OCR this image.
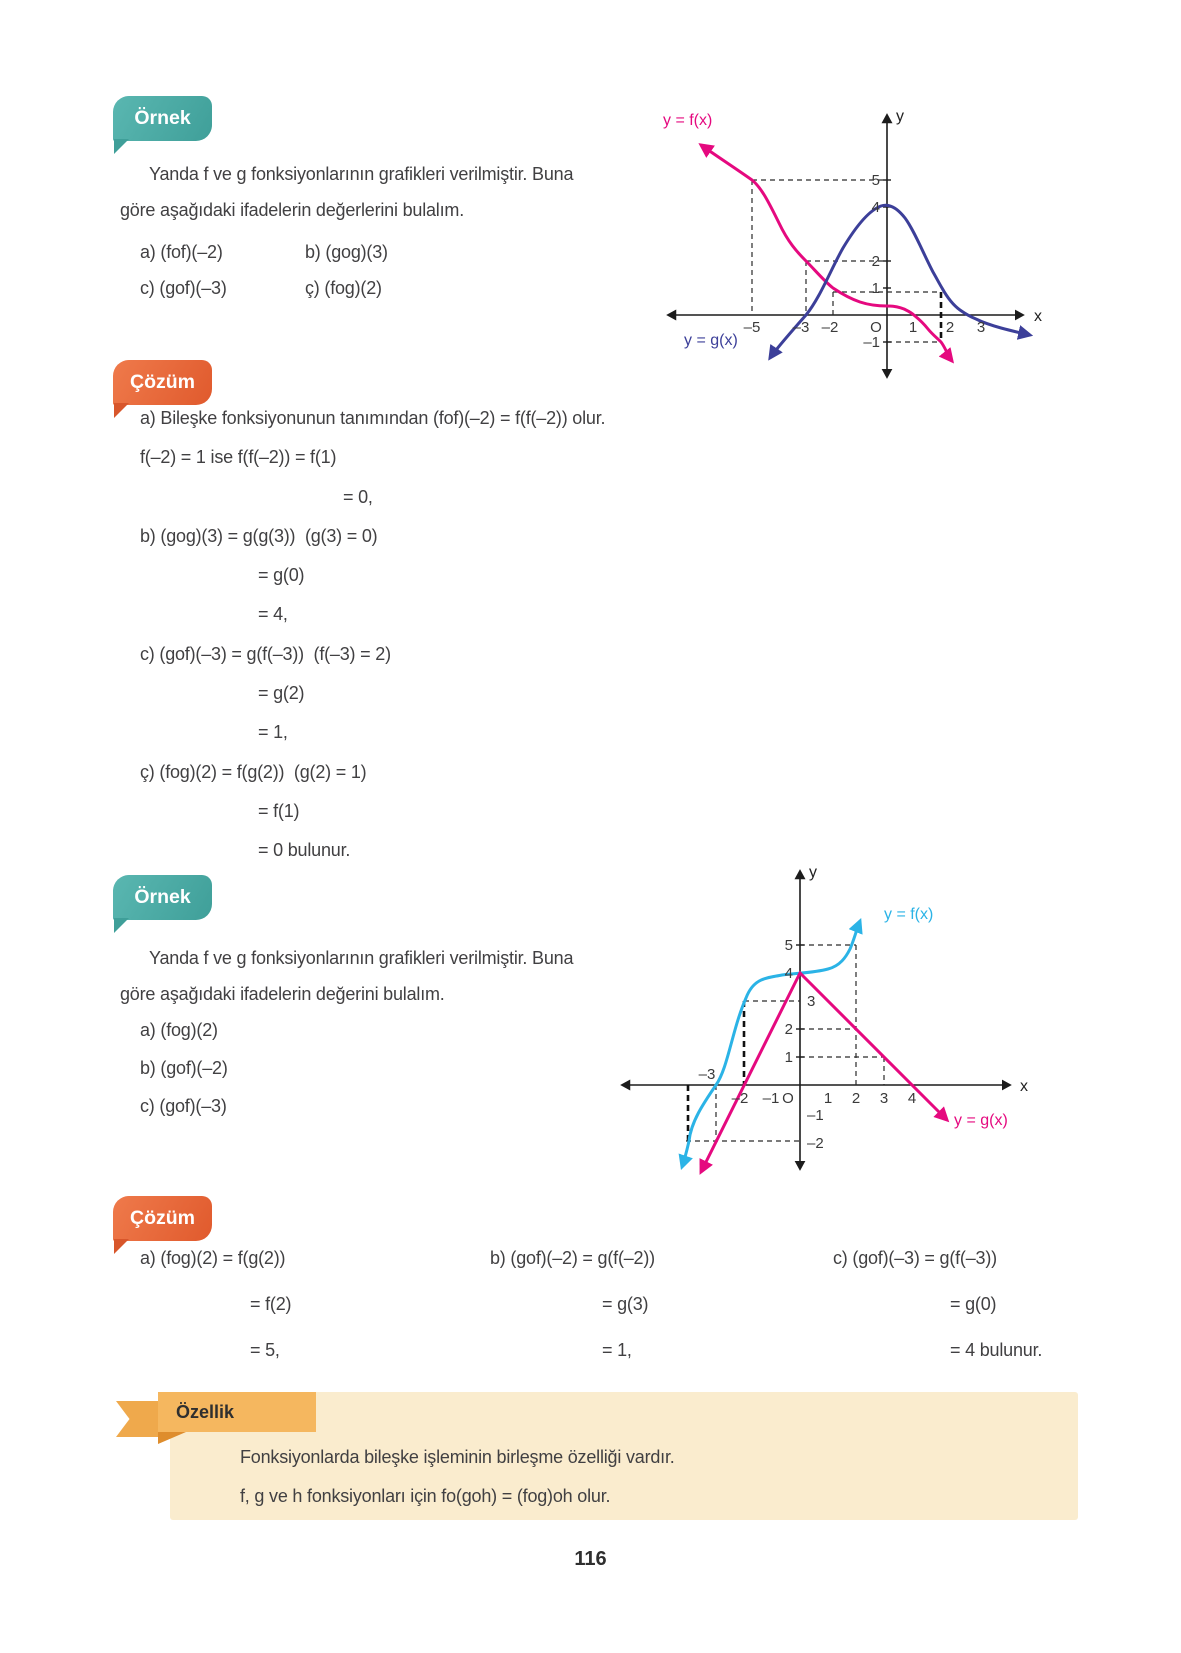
Örnek
Yanda f ve g fonksiyonlarının grafikleri verilmiştir. Buna
göre aşağıdaki ifadelerin değerlerini bulalım.
a) (fof)(–2)	b) (gog)(3)
c) (gof)(–3)	ç) (fog)(2)
y = f(x)
y = g(x)
y
x
5
4
2
1
–1
–5 –3 –2 O 1 2 3
Çözüm
a) Bileşke fonksiyonunun tanımından (fof)(–2) = f(f(–2)) olur.
f(–2) = 1 ise f(f(–2)) = f(1)
= 0,
b) (gog)(3) = g(g(3))  (g(3) = 0)
= g(0)
= 4,
c) (gof)(–3) = g(f(–3))  (f(–3) = 2)
= g(2)
= 1,
ç) (fog)(2) = f(g(2))  (g(2) = 1)
= f(1)
= 0 bulunur.
Örnek
Yanda f ve g fonksiyonlarının grafikleri verilmiştir. Buna
göre aşağıdaki ifadelerin değerini bulalım.
a) (fog)(2)
b) (gof)(–2)
c) (gof)(–3)
y = f(x)
y = g(x)
y
x
5
4
2
1
3
–1
–2
–3
–2 –1 O 1 2 3 4
Çözüm
a) (fog)(2) = f(g(2))
= f(2)
= 5,
b) (gof)(–2) = g(f(–2))
= g(3)
= 1,
c) (gof)(–3) = g(f(–3))
= g(0)
= 4 bulunur.
Özellik
Fonksiyonlarda bileşke işleminin birleşme özelliği vardır.
f, g ve h fonksiyonları için fo(goh) = (fog)oh olur.
116
